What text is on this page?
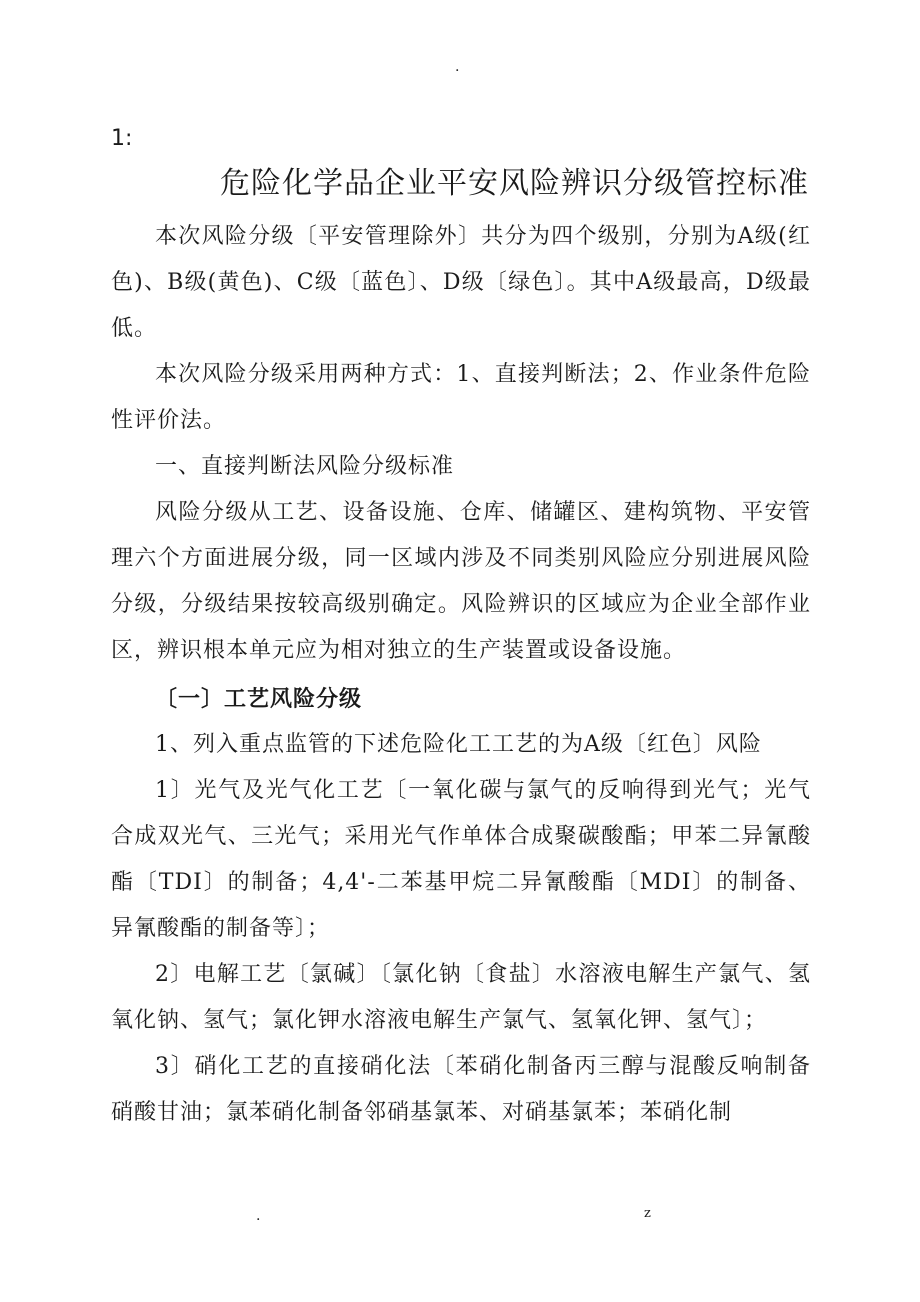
.
1:
危险化学品企业平安风险辨识分级管控标准

本次风险分级〔平安管理除外〕共分为四个级别，分别为A级(红色)、B级(黄色)、C级〔蓝色〕、D级〔绿色〕。其中A级最高，D级最低。

本次风险分级采用两种方式：1、直接判断法；2、作业条件危险性评价法。

一、直接判断法风险分级标准

风险分级从工艺、设备设施、仓库、储罐区、建构筑物、平安管理六个方面进展分级，同一区域内涉及不同类别风险应分别进展风险分级，分级结果按较高级别确定。风险辨识的区域应为企业全部作业区，辨识根本单元应为相对独立的生产装置或设备设施。

〔一〕工艺风险分级

1、列入重点监管的下述危险化工工艺的为A级〔红色〕风险

1〕光气及光气化工艺〔一氧化碳与氯气的反响得到光气；光气合成双光气、三光气；采用光气作单体合成聚碳酸酯；甲苯二异氰酸酯〔TDI〕的制备；4,4'-二苯基甲烷二异氰酸酯〔MDI〕的制备、异氰酸酯的制备等〕；

2〕电解工艺〔氯碱〕〔氯化钠〔食盐〕水溶液电解生产氯气、氢氧化钠、氢气；氯化钾水溶液电解生产氯气、氢氧化钾、氢气〕；

3〕硝化工艺的直接硝化法〔苯硝化制备丙三醇与混酸反响制备硝酸甘油；氯苯硝化制备邻硝基氯苯、对硝基氯苯；苯硝化制

.	z
